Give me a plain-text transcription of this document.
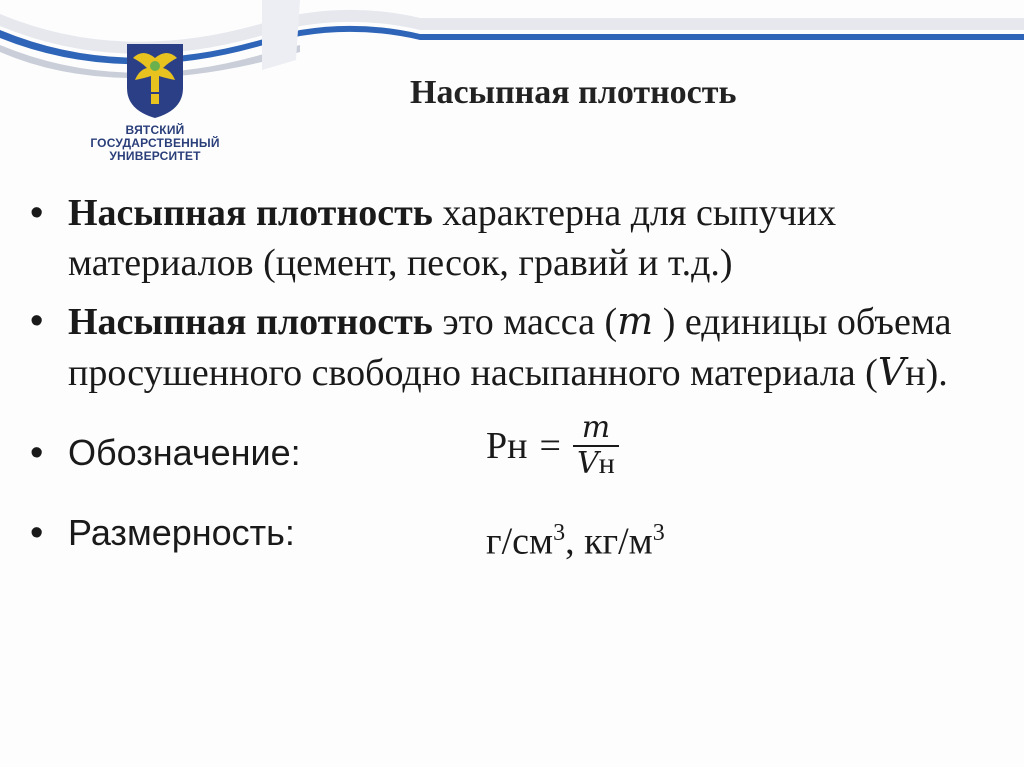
ВЯТСКИЙ
ГОСУДАРСТВЕННЫЙ
УНИВЕРСИТЕТ
Насыпная плотность
• Насыпная плотность характерна для сыпучих материалов (цемент, песок, гравий и т.д.)
• Насыпная плотность это масса (m ) единицы объема просушенного свободно насыпанного материала (Vн).
• Обозначение:	Рн = $\frac{m}{Vн}$
• Размерность:	$г/см^3$, $кг/м^3$
